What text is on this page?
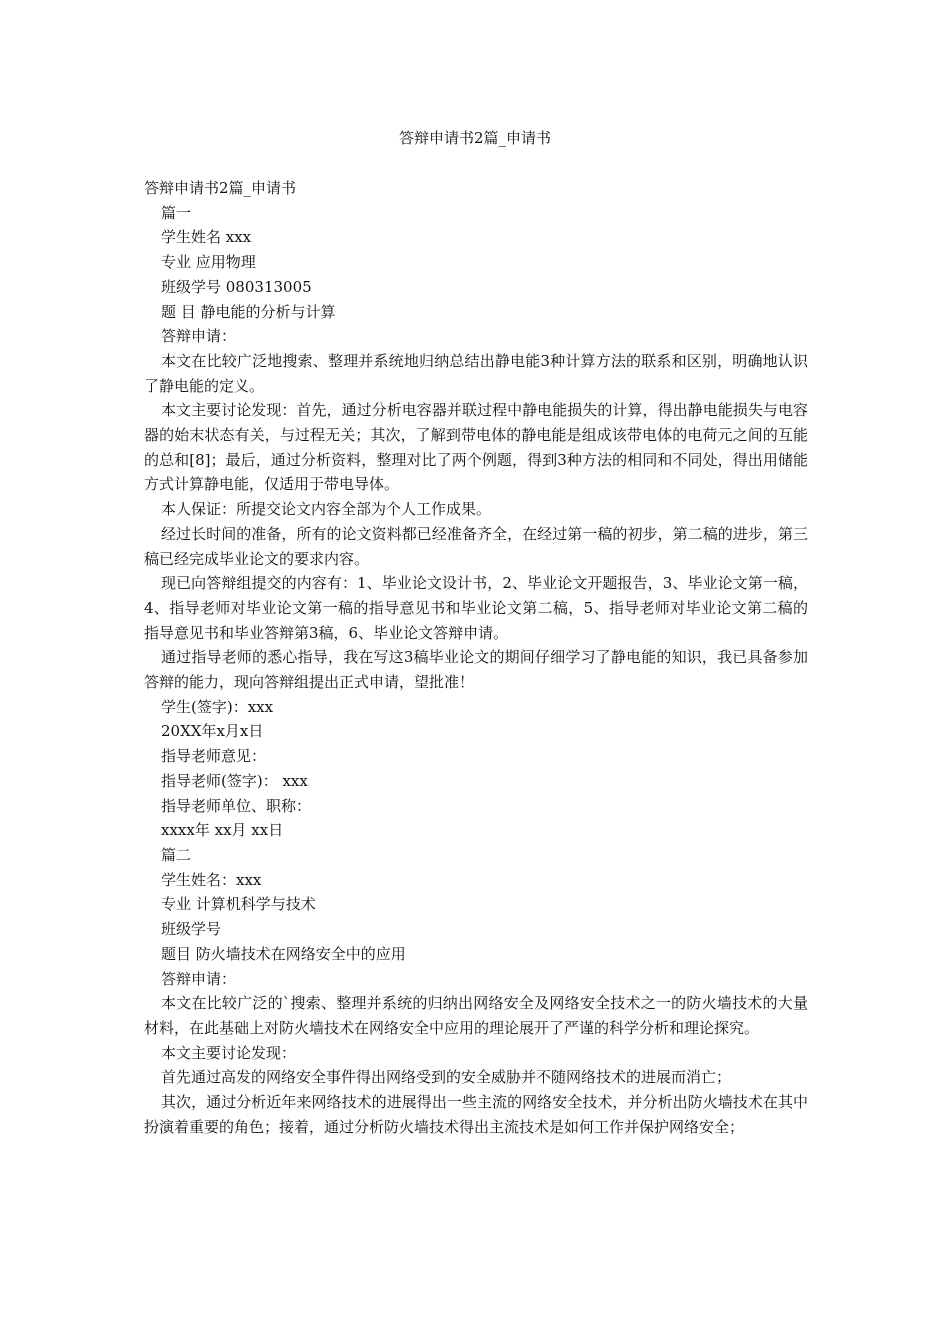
答辩申请书2篇_申请书

答辩申请书2篇_申请书

篇一

学生姓名 xxx

专业 应用物理

班级学号 080313005

题 目 静电能的分析与计算

答辩申请：

本文在比较广泛地搜索、整理并系统地归纳总结出静电能3种计算方法的联系和区别，明确地认识了静电能的定义。

本文主要讨论发现：首先，通过分析电容器并联过程中静电能损失的计算，得出静电能损失与电容器的始末状态有关，与过程无关；其次，了解到带电体的静电能是组成该带电体的电荷元之间的互能的总和[8]；最后，通过分析资料，整理对比了两个例题，得到3种方法的相同和不同处，得出用储能方式计算静电能，仅适用于带电导体。

本人保证：所提交论文内容全部为个人工作成果。

经过长时间的准备，所有的论文资料都已经准备齐全，在经过第一稿的初步，第二稿的进步，第三稿已经完成毕业论文的要求内容。

现已向答辩组提交的内容有：1、毕业论文设计书，2、毕业论文开题报告，3、毕业论文第一稿，4、指导老师对毕业论文第一稿的指导意见书和毕业论文第二稿，5、指导老师对毕业论文第二稿的指导意见书和毕业答辩第3稿，6、毕业论文答辩申请。

通过指导老师的悉心指导，我在写这3稿毕业论文的期间仔细学习了静电能的知识，我已具备参加答辩的能力，现向答辩组提出正式申请，望批准！

学生(签字)：xxx

20XX年x月x日

指导老师意见：

指导老师(签字)： xxx

指导老师单位、职称：

xxxx年 xx月 xx日

篇二

学生姓名：xxx

专业 计算机科学与技术

班级学号

题目 防火墙技术在网络安全中的应用

答辩申请：

本文在比较广泛的`搜索、整理并系统的归纳出网络安全及网络安全技术之一的防火墙技术的大量材料，在此基础上对防火墙技术在网络安全中应用的理论展开了严谨的科学分析和理论探究。

本文主要讨论发现：

首先通过高发的网络安全事件得出网络受到的安全威胁并不随网络技术的进展而消亡；

其次，通过分析近年来网络技术的进展得出一些主流的网络安全技术，并分析出防火墙技术在其中扮演着重要的角色；接着，通过分析防火墙技术得出主流技术是如何工作并保护网络安全；
